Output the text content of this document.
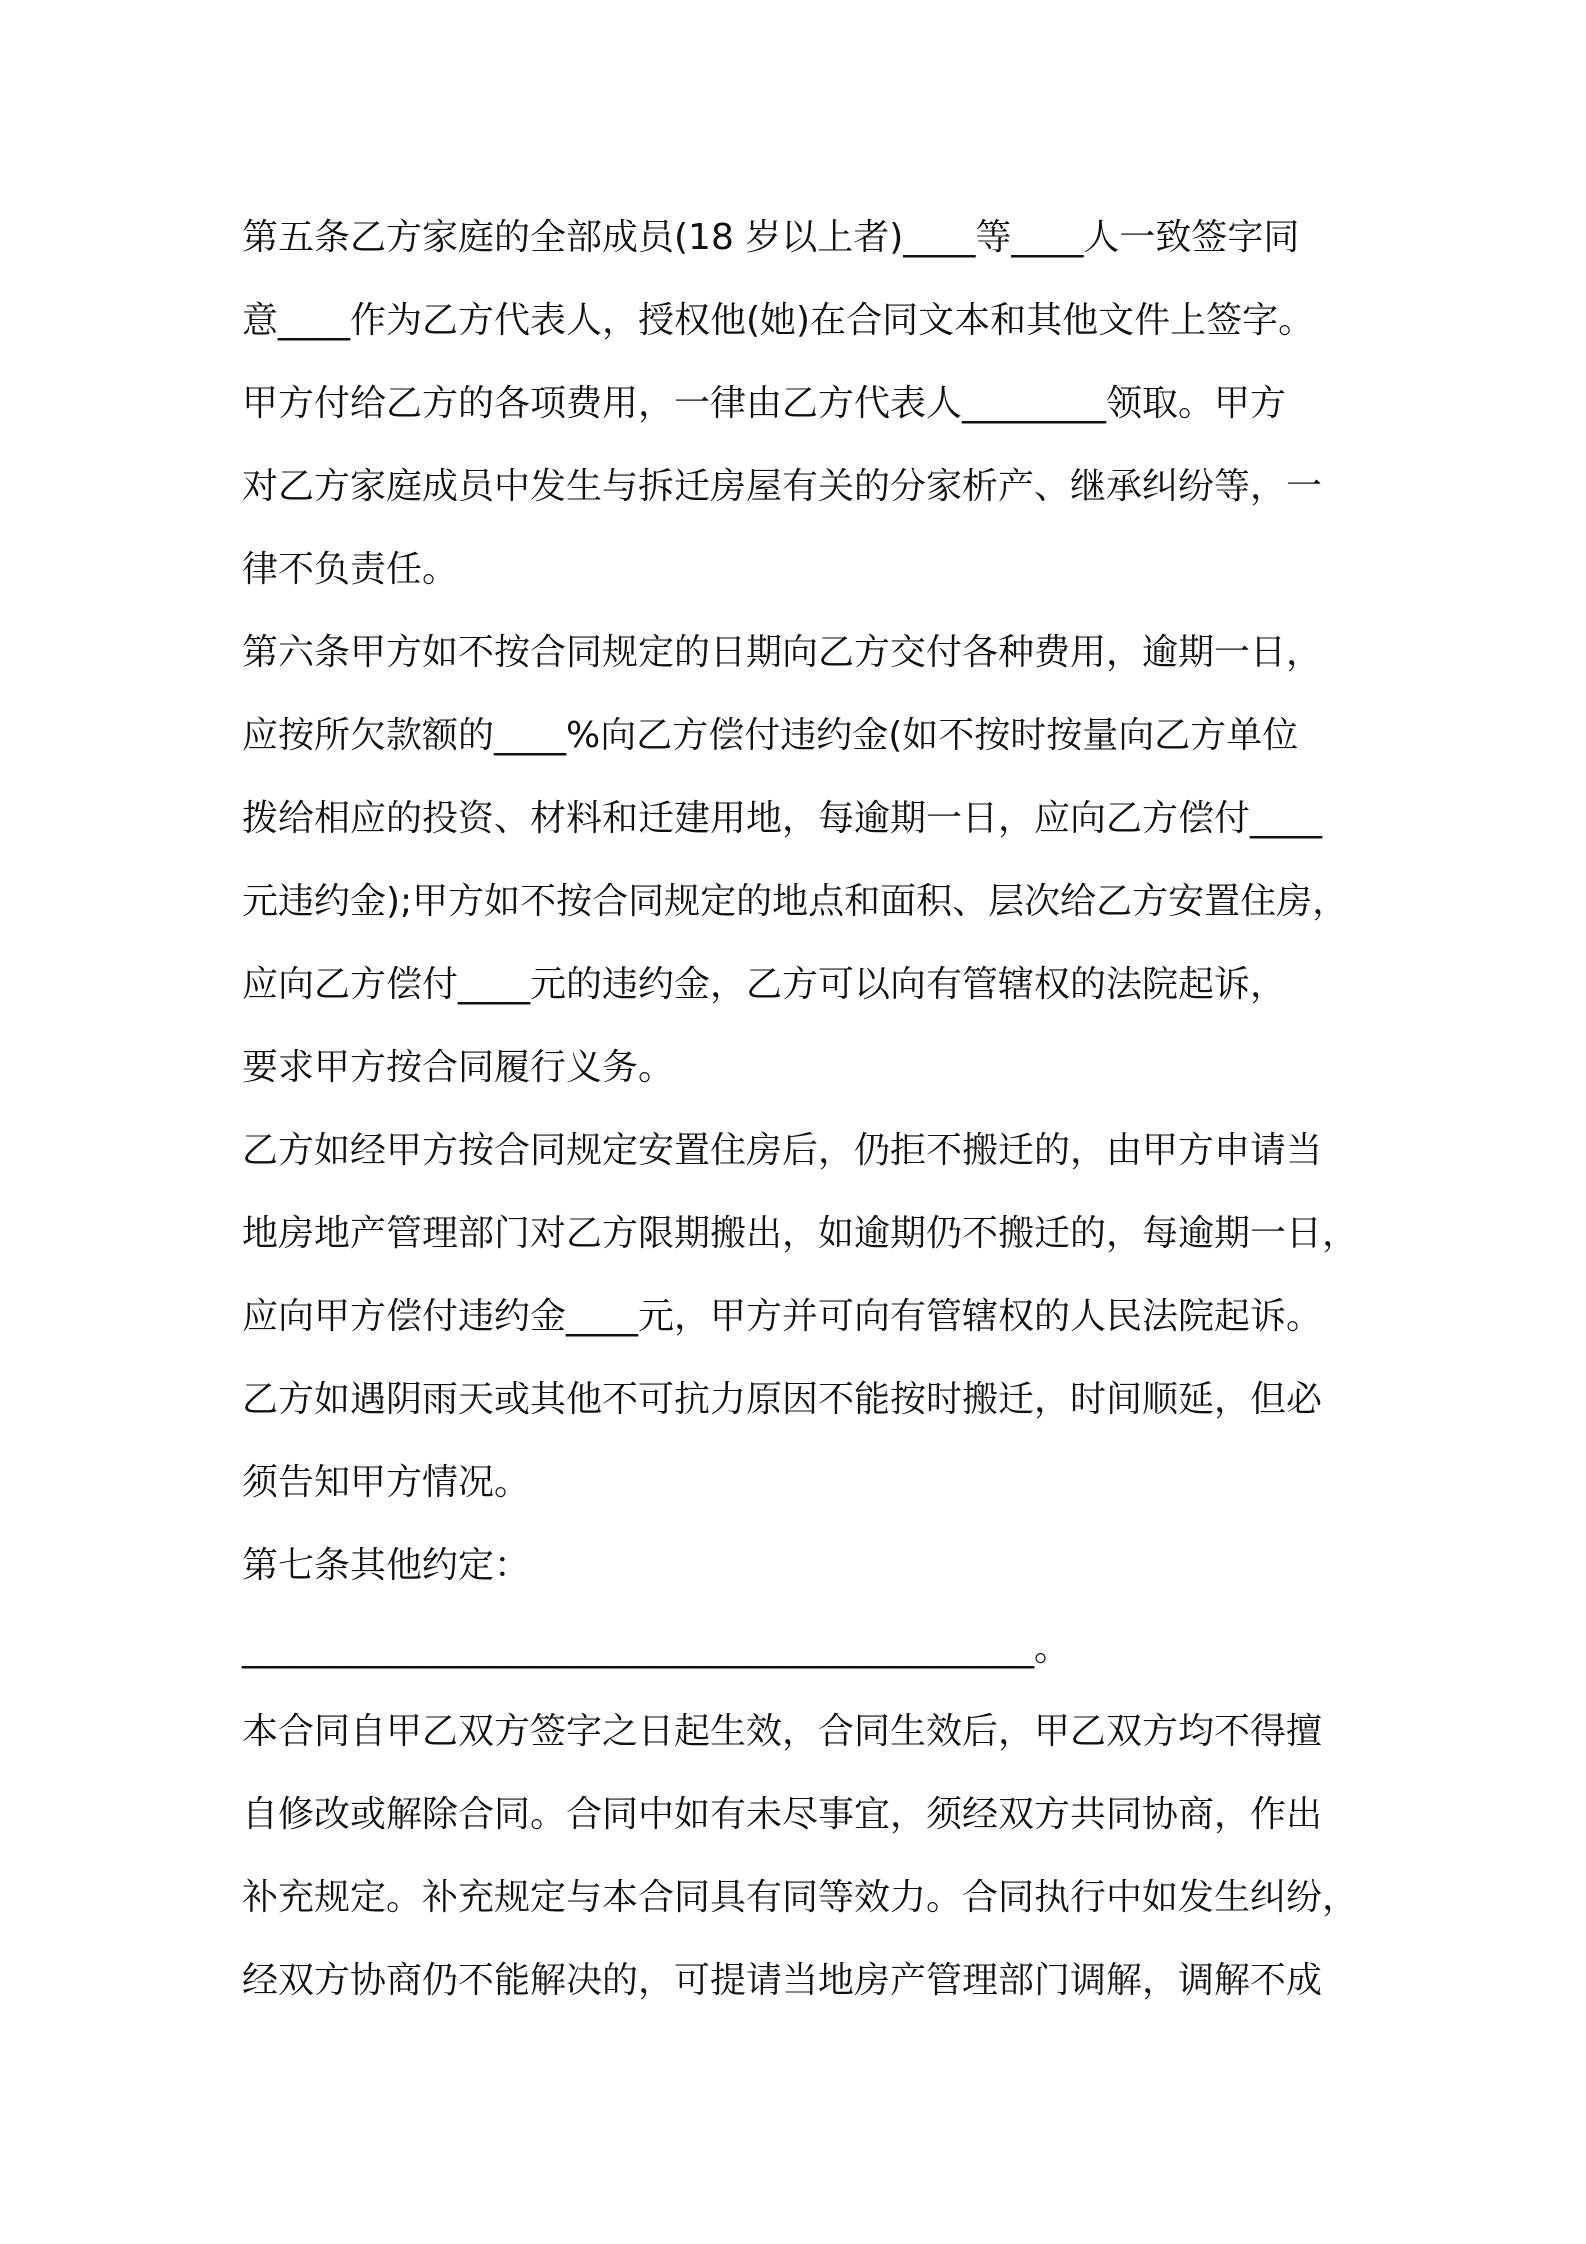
第五条乙方家庭的全部成员(18 岁以上者)____等____人一致签字同
意____作为乙方代表人，授权他(她)在合同文本和其他文件上签字。
甲方付给乙方的各项费用，一律由乙方代表人________领取。甲方
对乙方家庭成员中发生与拆迁房屋有关的分家析产、继承纠纷等，一
律不负责任。
第六条甲方如不按合同规定的日期向乙方交付各种费用，逾期一日，
应按所欠款额的____%向乙方偿付违约金(如不按时按量向乙方单位
拨给相应的投资、材料和迁建用地，每逾期一日，应向乙方偿付____
元违约金);甲方如不按合同规定的地点和面积、层次给乙方安置住房，
应向乙方偿付____元的违约金，乙方可以向有管辖权的法院起诉，
要求甲方按合同履行义务。
乙方如经甲方按合同规定安置住房后，仍拒不搬迁的，由甲方申请当
地房地产管理部门对乙方限期搬出，如逾期仍不搬迁的，每逾期一日，
应向甲方偿付违约金____元，甲方并可向有管辖权的人民法院起诉。
乙方如遇阴雨天或其他不可抗力原因不能按时搬迁，时间顺延，但必
须告知甲方情况。
第七条其他约定：
____________________________________________。
本合同自甲乙双方签字之日起生效，合同生效后，甲乙双方均不得擅
自修改或解除合同。合同中如有未尽事宜，须经双方共同协商，作出
补充规定。补充规定与本合同具有同等效力。合同执行中如发生纠纷，
经双方协商仍不能解决的，可提请当地房产管理部门调解，调解不成
